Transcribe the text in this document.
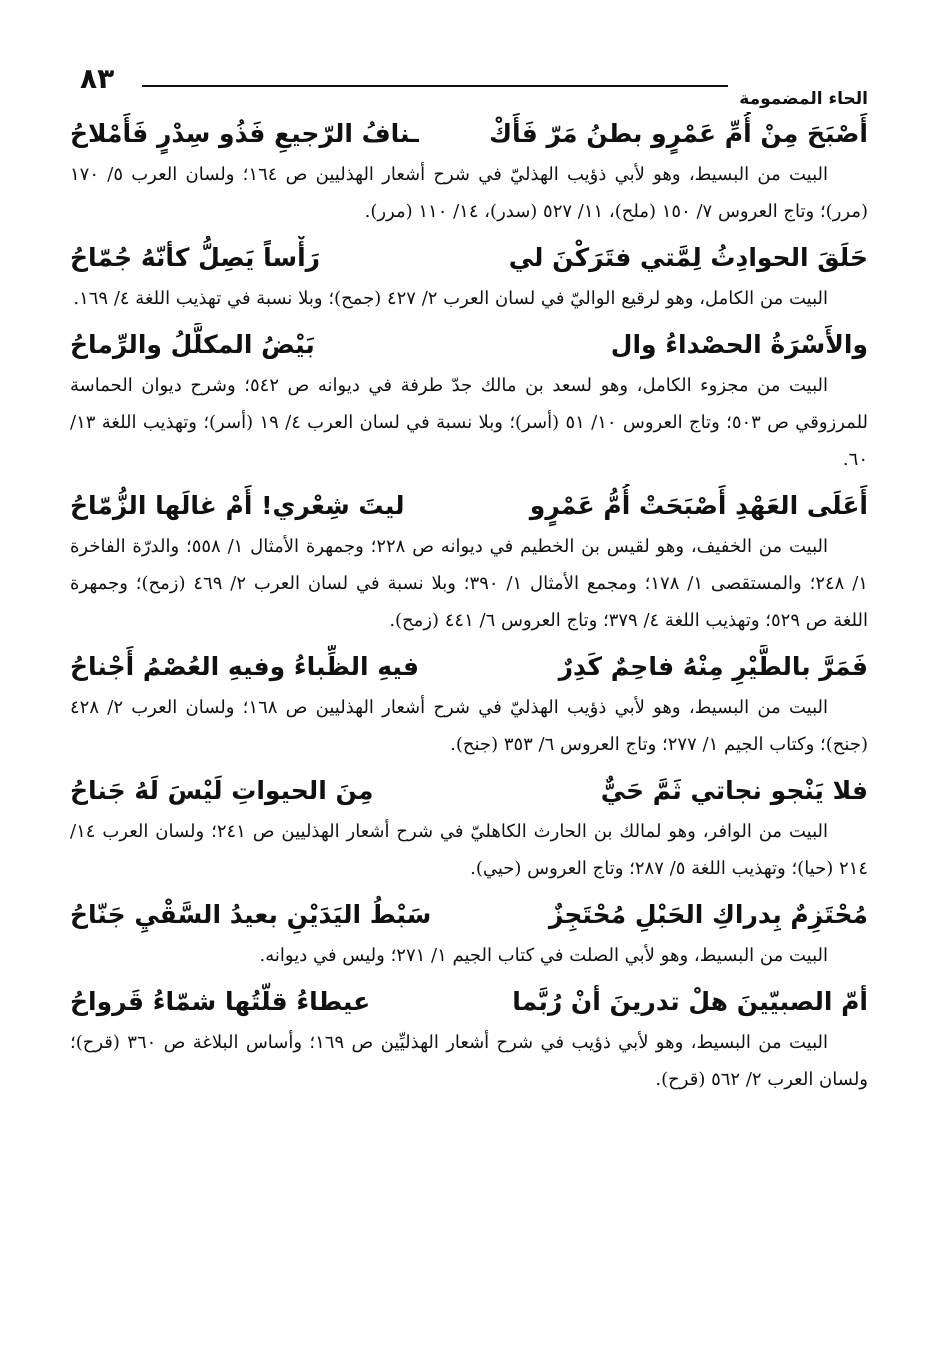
٨٣
الحاء المضمومة
أَصْبَحَ مِنْ أُمِّ عَمْرٍو بطنُ مَرّ فَأَكْ
ـنافُ الرّجيعِ فَذُو سِدْرٍ فَأَمْلاحُ
البيت من البسيط، وهو لأبي ذؤيب الهذليّ في شرح أشعار الهذليين ص ١٦٤؛ ولسان العرب ٥/ ١٧٠ (مرر)؛ وتاج العروس ٧/ ١٥٠ (ملح)، ١١/ ٥٢٧ (سدر)، ١٤/ ١١٠ (مرر).
حَلَقَ الحوادِثُ لِمَّتي فتَرَكْنَ لي
رَأْساً يَصِلُّ كأنّهُ جُمّاحُ
البيت من الكامل، وهو لرقيع الواليّ في لسان العرب ٢/ ٤٢٧ (جمح)؛ وبلا نسبة في تهذيب اللغة ٤/ ١٦٩.
والأَسْرَةُ الحصْداءُ وال
بَيْضُ المكلَّلُ والرِّماحُ
البيت من مجزوء الكامل، وهو لسعد بن مالك جدّ طرفة في ديوانه ص ٥٤٢؛ وشرح ديوان الحماسة للمرزوقي ص ٥٠٣؛ وتاج العروس ١٠/ ٥١ (أسر)؛ وبلا نسبة في لسان العرب ٤/ ١٩ (أسر)؛ وتهذيب اللغة ١٣/ ٦٠.
أَعَلَى العَهْدِ أَصْبَحَتْ أُمُّ عَمْرٍو
ليتَ شِعْري! أَمْ غالَها الزُّمّاحُ
البيت من الخفيف، وهو لقيس بن الخطيم في ديوانه ص ٢٢٨؛ وجمهرة الأمثال ١/ ٥٥٨؛ والدرّة الفاخرة ١/ ٢٤٨؛ والمستقصى ١/ ١٧٨؛ ومجمع الأمثال ١/ ٣٩٠؛ وبلا نسبة في لسان العرب ٢/ ٤٦٩ (زمح)؛ وجمهرة اللغة ص ٥٢٩؛ وتهذيب اللغة ٤/ ٣٧٩؛ وتاج العروس ٦/ ٤٤١ (زمح).
فَمَرَّ بالطَّيْرِ مِنْهُ فاحِمٌ كَدِرٌ
فيهِ الظِّباءُ وفيهِ العُصْمُ أَجْناحُ
البيت من البسيط، وهو لأبي ذؤيب الهذليّ في شرح أشعار الهذليين ص ١٦٨؛ ولسان العرب ٢/ ٤٢٨ (جنح)؛ وكتاب الجيم ١/ ٢٧٧؛ وتاج العروس ٦/ ٣٥٣ (جنح).
فلا يَنْجو نجاتي ثَمَّ حَيٌّ
مِنَ الحيواتِ لَيْسَ لَهُ جَناحُ
البيت من الوافر، وهو لمالك بن الحارث الكاهليّ في شرح أشعار الهذليين ص ٢٤١؛ ولسان العرب ١٤/ ٢١٤ (حيا)؛ وتهذيب اللغة ٥/ ٢٨٧؛ وتاج العروس (حيي).
مُحْتَزِمٌ بِدراكِ الحَبْلِ مُحْتَجِزٌ
سَبْطُ اليَدَيْنِ بعيدُ السَّقْيِ جَنّاحُ
البيت من البسيط، وهو لأبي الصلت في كتاب الجيم ١/ ٢٧١؛ وليس في ديوانه.
أمّ الصبيّينَ هلْ تدرينَ أنْ رُبَّما
عيطاءُ قلّتُها شمّاءُ قَرواحُ
البيت من البسيط، وهو لأبي ذؤيب في شرح أشعار الهذليِّين ص ١٦٩؛ وأساس البلاغة ص ٣٦٠ (قرح)؛ ولسان العرب ٢/ ٥٦٢ (قرح).
